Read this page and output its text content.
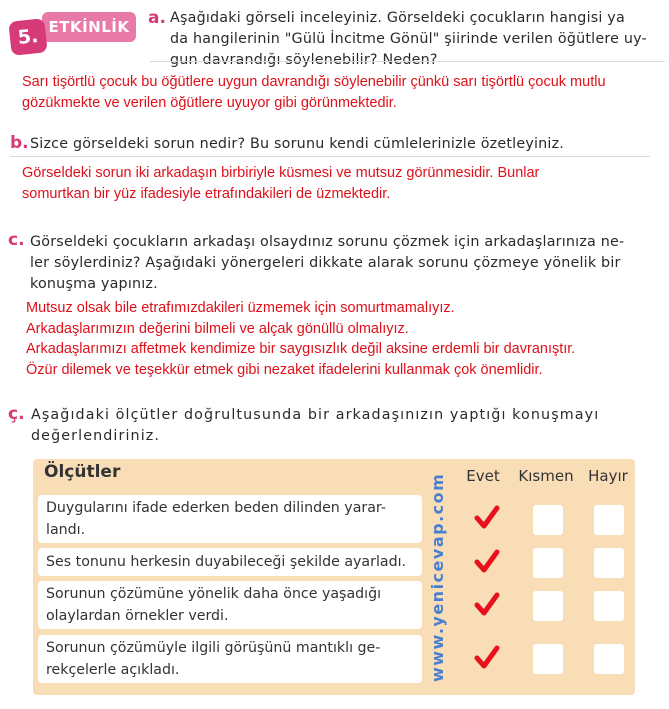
ETKİNLİK
5.
a. Aşağıdaki görseli inceleyiniz. Görseldeki çocukların hangisi ya
da hangilerinin "Gülü İncitme Gönül" şiirinde verilen öğütlere uy-
gun davrandığı söylenebilir? Neden?
Sarı tişörtlü çocuk bu öğütlere uygun davrandığı söylenebilir çünkü sarı tişörtlü çocuk mutlu
gözükmekte ve verilen öğütlere uyuyor gibi görünmektedir.
b. Sizce görseldeki sorun nedir? Bu sorunu kendi cümlelerinizle özetleyiniz.
Görseldeki sorun iki arkadaşın birbiriyle küsmesi ve mutsuz görünmesidir. Bunlar
somurtkan bir yüz ifadesiyle etrafındakileri de üzmektedir.
c. Görseldeki çocukların arkadaşı olsaydınız sorunu çözmek için arkadaşlarınıza ne-
ler söylerdiniz? Aşağıdaki yönergeleri dikkate alarak sorunu çözmeye yönelik bir
konuşma yapınız.
Mutsuz olsak bile etrafımızdakileri üzmemek için somurtmamalıyız.
Arkadaşlarımızın değerini bilmeli ve alçak gönüllü olmalıyız.
Arkadaşlarımızı affetmek kendimize bir saygısızlık değil aksine erdemli bir davranıştır.
Özür dilemek ve teşekkür etmek gibi nezaket ifadelerini kullanmak çok önemlidir.
ç. Aşağıdaki ölçütler doğrultusunda bir arkadaşınızın yaptığı konuşmayı
değerlendiriniz.
Ölçütler	Evet	Kısmen Hayır
www.yenicevap.com
Duygularını ifade ederken beden dilinden yarar-
landı.
Ses tonunu herkesin duyabileceği şekilde ayarladı.
Sorunun çözümüne yönelik daha önce yaşadığı
olaylardan örnekler verdi.
Sorunun çözümüyle ilgili görüşünü mantıklı ge-
rekçelerle açıkladı.
